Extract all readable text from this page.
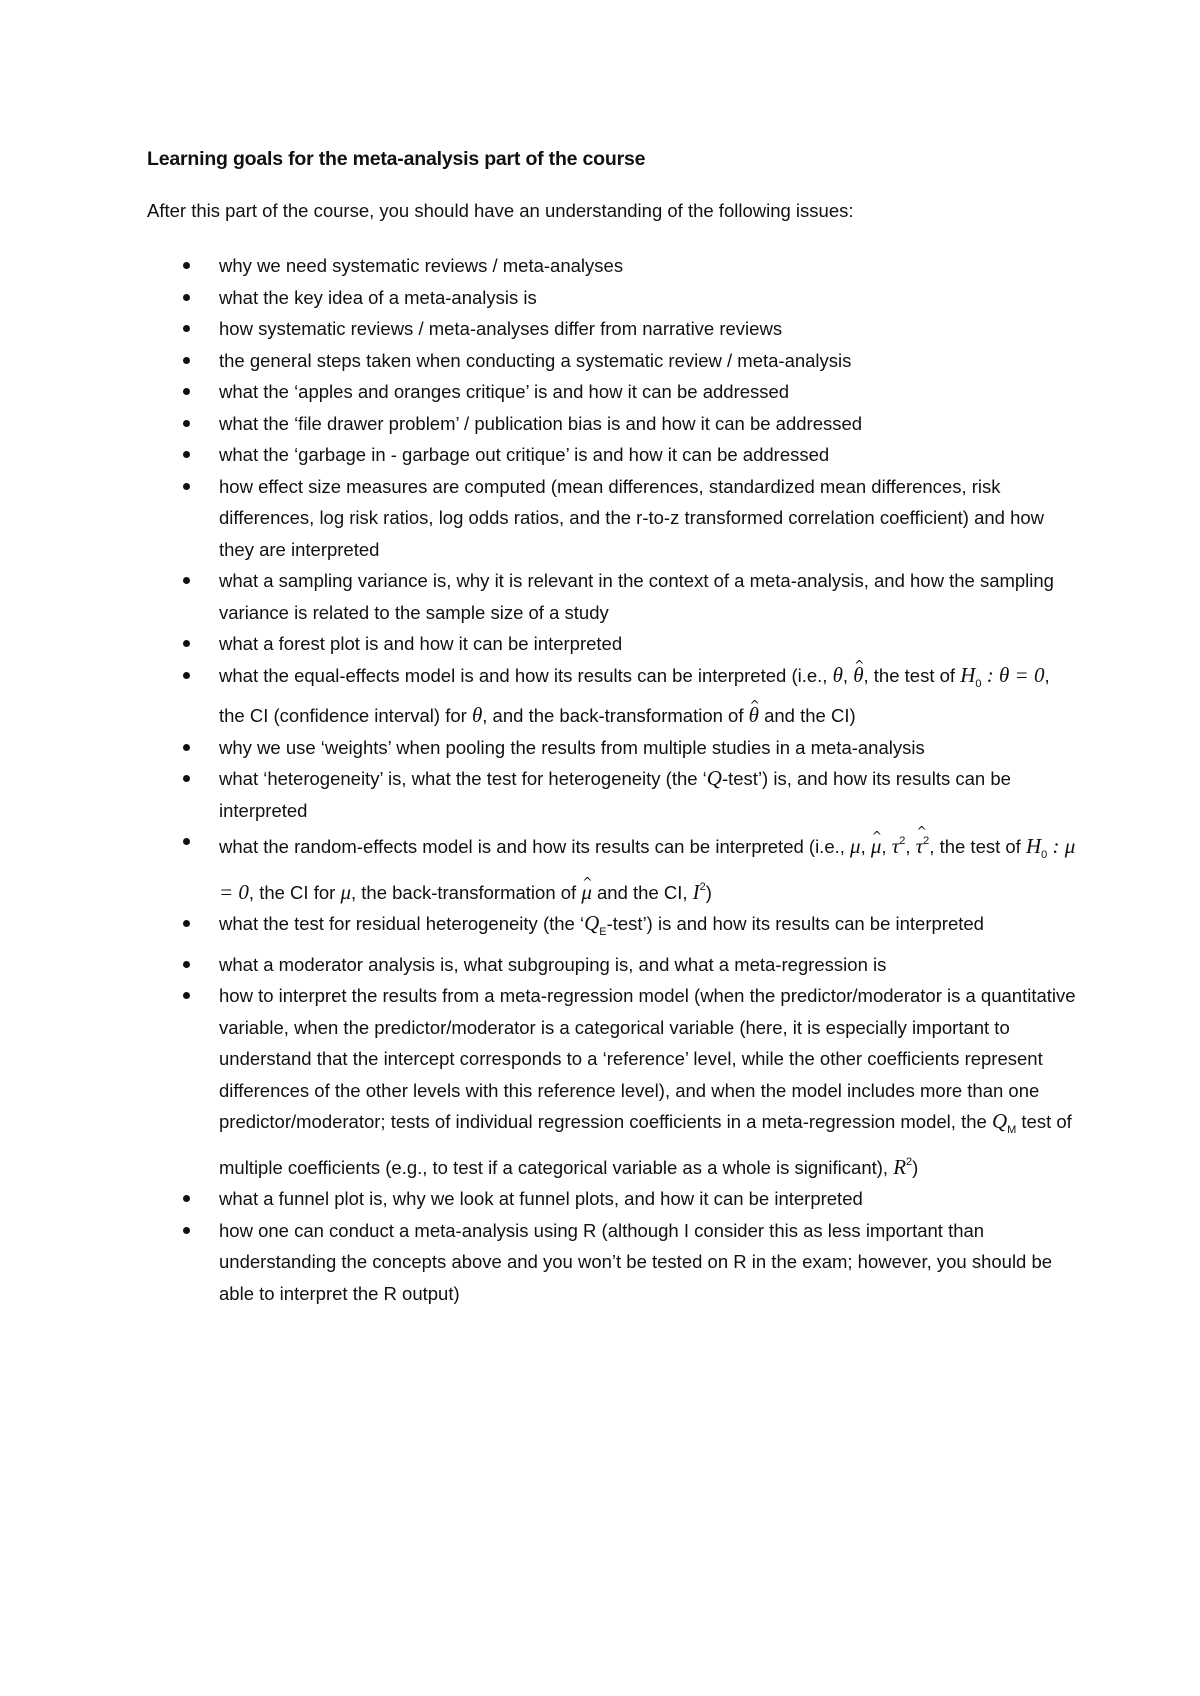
Learning goals for the meta-analysis part of the course
After this part of the course, you should have an understanding of the following issues:
why we need systematic reviews / meta-analyses
what the key idea of a meta-analysis is
how systematic reviews / meta-analyses differ from narrative reviews
the general steps taken when conducting a systematic review / meta-analysis
what the ‘apples and oranges critique’ is and how it can be addressed
what the ‘file drawer problem’ / publication bias is and how it can be addressed
what the ‘garbage in - garbage out critique’ is and how it can be addressed
how effect size measures are computed (mean differences, standardized mean differences, risk differences, log risk ratios, log odds ratios, and the r-to-z transformed correlation coefficient) and how they are interpreted
what a sampling variance is, why it is relevant in the context of a meta-analysis, and how the sampling variance is related to the sample size of a study
what a forest plot is and how it can be interpreted
what the equal-effects model is and how its results can be interpreted (i.e., θ, ^ θ, the test of $H_0$ : θ = 0, the CI (confidence interval) for θ, and the back-transformation of ^ θ and the CI)
why we use ‘weights’ when pooling the results from multiple studies in a meta-analysis
what ‘heterogeneity’ is, what the test for heterogeneity (the ‘Q-test’) is, and how its results can be interpreted
what the random-effects model is and how its results can be interpreted (i.e., μ, ^ μ, $\tau^2$, ^ $\tau^2$, the test of $H_0$ : μ = 0, the CI for μ, the back-transformation of ^ μ and the CI, $I^2$)
what the test for residual heterogeneity (the ‘$Q_E-test$’) is and how its results can be interpreted
what a moderator analysis is, what subgrouping is, and what a meta-regression is
how to interpret the results from a meta-regression model (when the predictor/moderator is a quantitative variable, when the predictor/moderator is a categorical variable (here, it is especially important to understand that the intercept corresponds to a ‘reference’ level, while the other coefficients represent differences of the other levels with this reference level), and when the model includes more than one predictor/moderator; tests of individual regression coefficients in a meta-regression model, the $Q_M$ test of multiple coefficients (e.g., to test if a categorical variable as a whole is significant), $R^2$)
what a funnel plot is, why we look at funnel plots, and how it can be interpreted
how one can conduct a meta-analysis using R (although I consider this as less important than understanding the concepts above and you won’t be tested on R in the exam; however, you should be able to interpret the R output)
